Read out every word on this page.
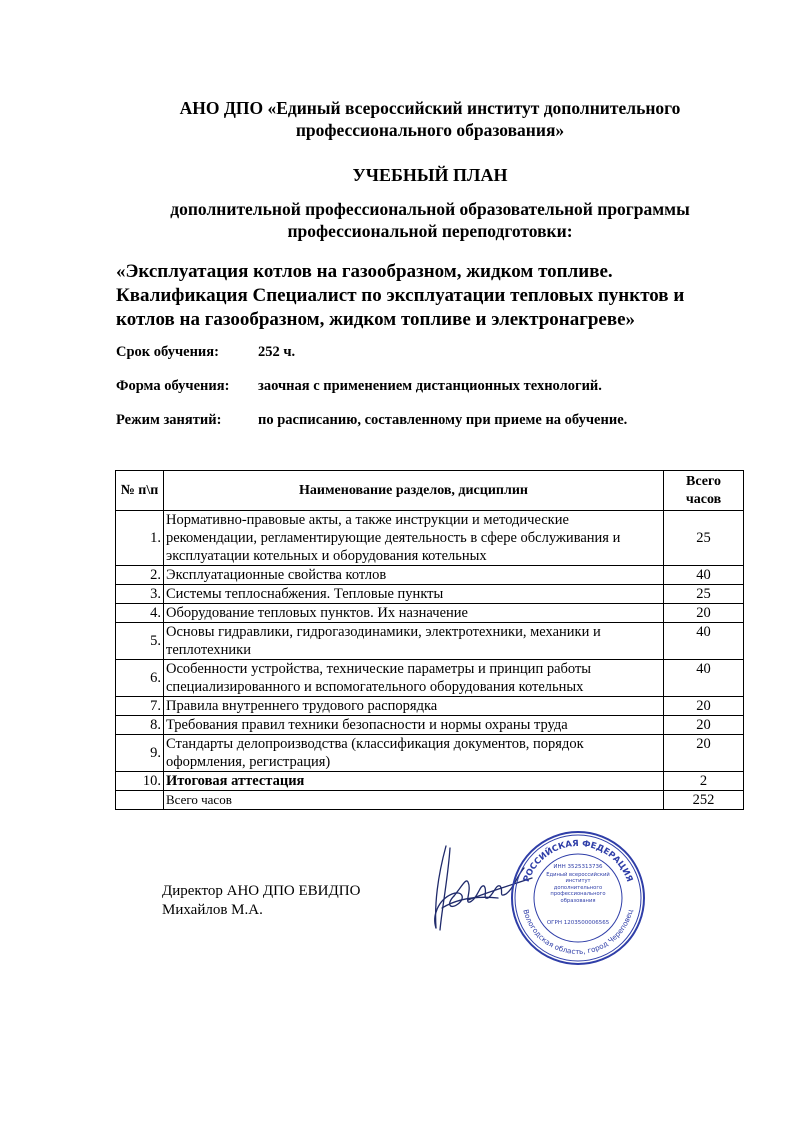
АНО ДПО «Единый всероссийский институт дополнительного
профессионального образования»
УЧЕБНЫЙ ПЛАН
дополнительной профессиональной образовательной программы
профессиональной переподготовки:
«Эксплуатация котлов на газообразном, жидком топливе.
Квалификация Специалист по эксплуатации тепловых пунктов и
котлов на газообразном, жидком топливе и электронагреве»
Срок обучения:	252 ч.
Форма обучения: заочная с применением дистанционных технологий.
Режим занятий:	по расписанию, составленному при приеме на обучение.
№ п\п	Наименование разделов, дисциплин	Всего
часов

1.	Нормативно-правовые акты, а также инструкции и методические рекомендации, регламентирующие деятельность в сфере обслуживания и эксплуатации котельных и оборудования котельных	25
2.	Эксплуатационные свойства котлов	40
3.	Системы теплоснабжения. Тепловые пункты	25
4.	Оборудование тепловых пунктов. Их назначение	20
5.	Основы гидравлики, гидрогазодинамики, электротехники, механики и теплотехники	40
6.	Особенности устройства, технические параметры и принцип работы специализированного и вспомогательного оборудования котельных	40
7.	Правила внутреннего трудового распорядка	20
8.	Требования правил техники безопасности и нормы охраны труда	20
9.	Стандарты делопроизводства (классификация документов, порядок оформления, регистрация)	20
10.	Итоговая аттестация	2
	Всего часов	252
Директор АНО ДПО ЕВИДПО
Михайлов М.А.
РОССИЙСКАЯ ФЕДЕРАЦИЯ
Вологодская область, город Череповец
ИНН 3525313736
Единый всероссийский институт дополнительного профессионального образования
ОГРН 1203500006565
